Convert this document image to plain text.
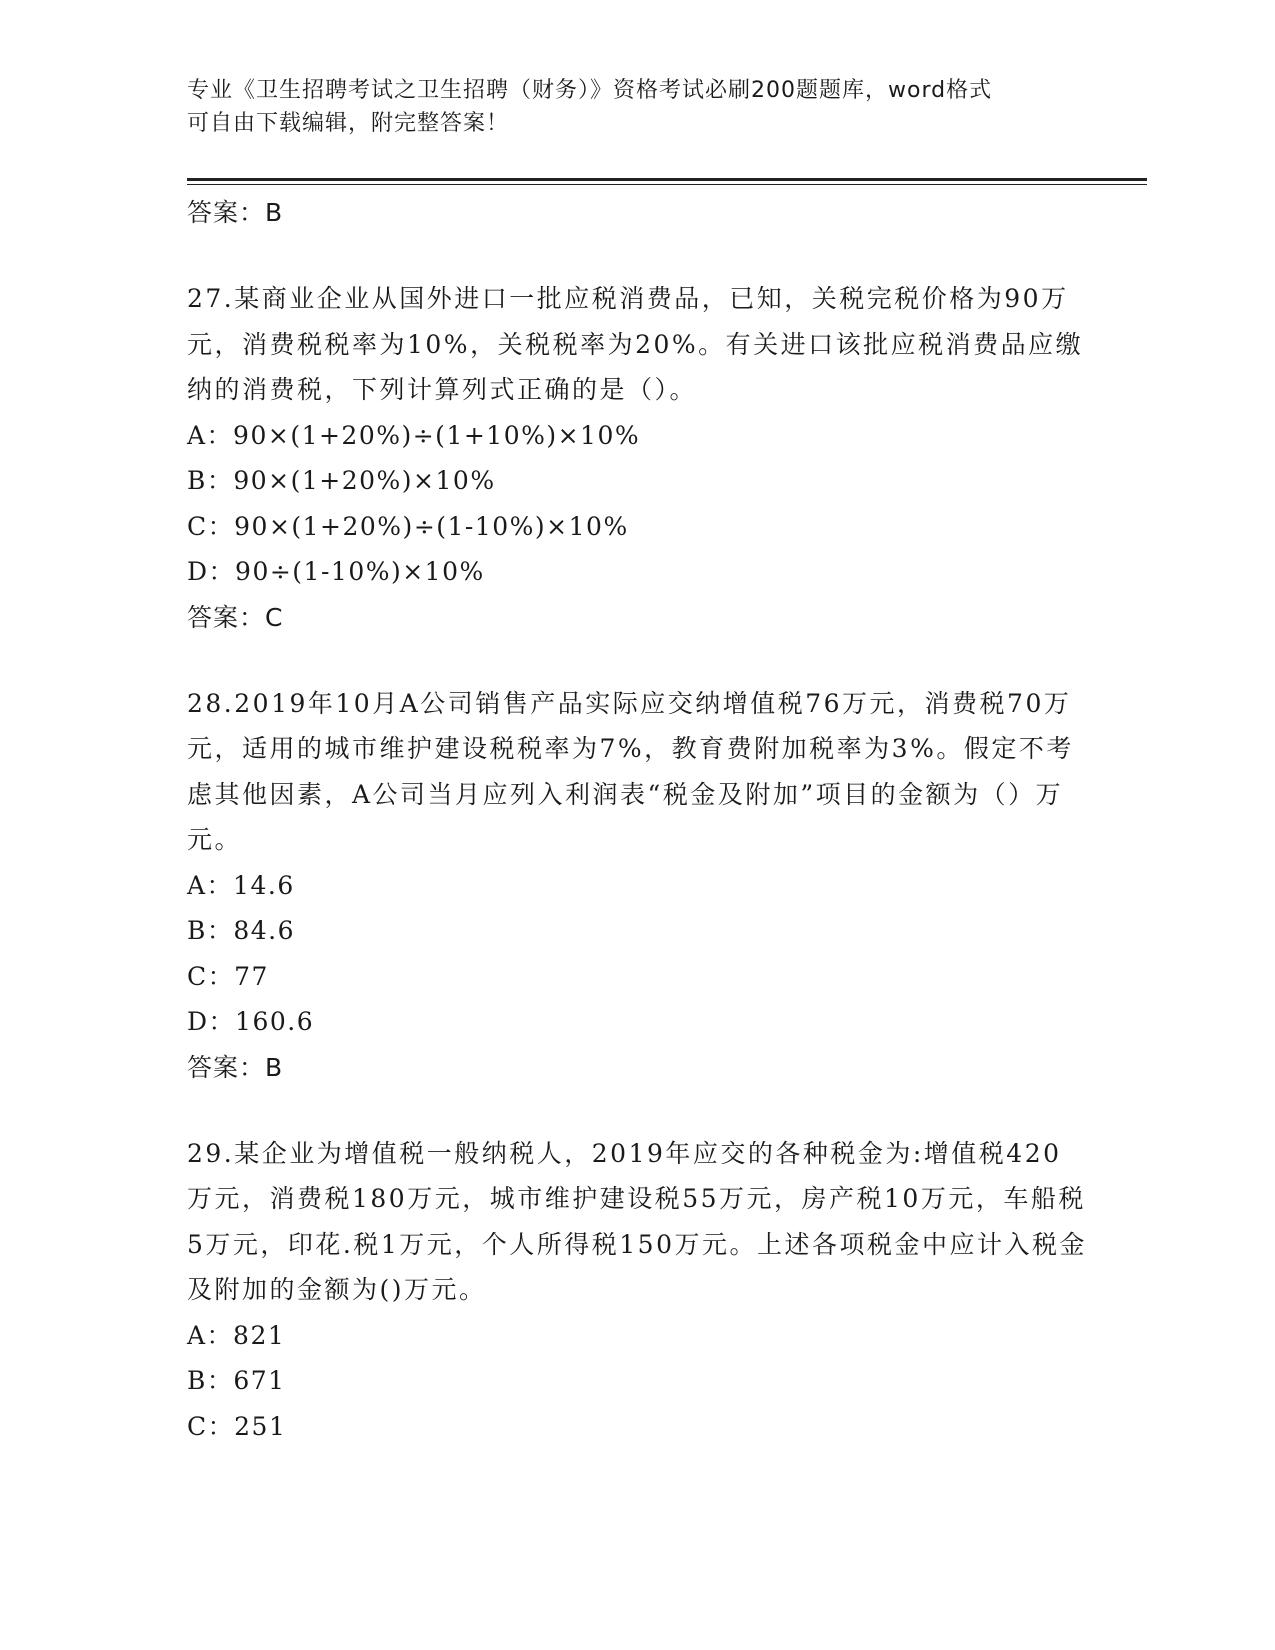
专业《卫生招聘考试之卫生招聘（财务）》资格考试必刷200题题库，word格式
可自由下载编辑，附完整答案！
答案：B
27.某商业企业从国外进口一批应税消费品，已知，关税完税价格为90万元，消费税税率为10%，关税税率为20%。有关进口该批应税消费品应缴纳的消费税，下列计算列式正确的是（）。
A：90×(1+20%)÷(1+10%)×10%
B：90×(1+20%)×10%
C：90×(1+20%)÷(1-10%)×10%
D：90÷(1-10%)×10%
答案：C
28.2019年10月A公司销售产品实际应交纳增值税76万元，消费税70万元，适用的城市维护建设税税率为7%，教育费附加税率为3%。假定不考虑其他因素，A公司当月应列入利润表“税金及附加”项目的金额为（）万元。
A：14.6
B：84.6
C：77
D：160.6
答案：B
29.某企业为增值税一般纳税人，2019年应交的各种税金为:增值税420万元，消费税180万元，城市维护建设税55万元，房产税10万元，车船税5万元，印花.税1万元，个人所得税150万元。上述各项税金中应计入税金及附加的金额为()万元。
A：821
B：671
C：251
